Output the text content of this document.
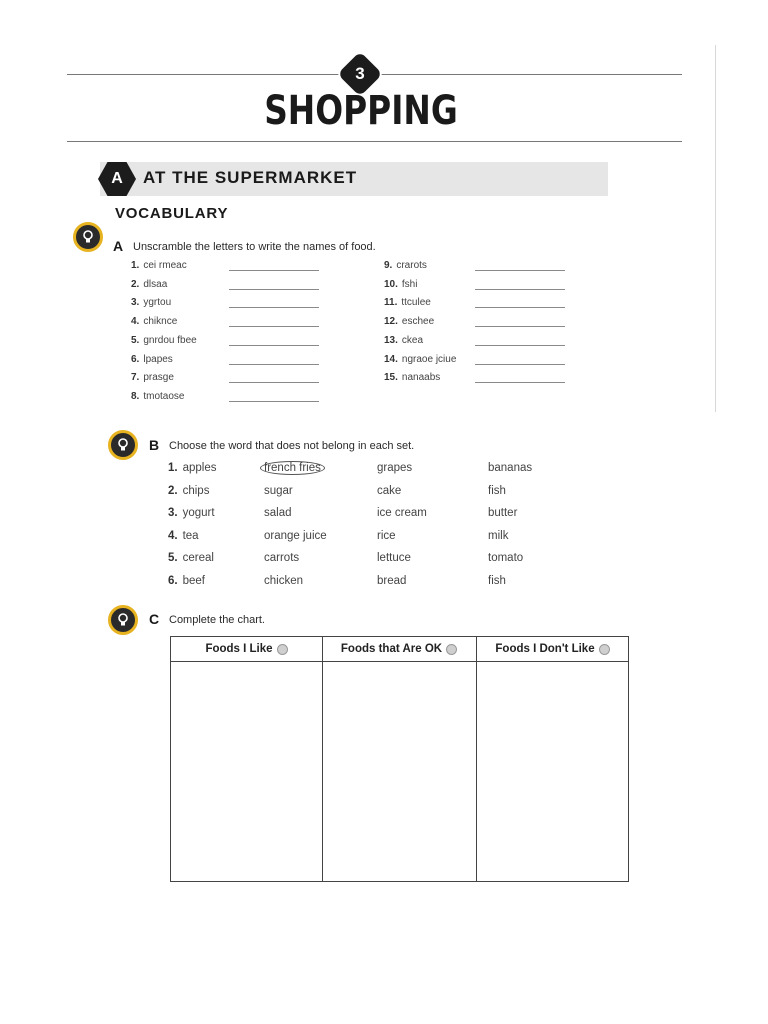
3
SHOPPING
A	AT THE SUPERMARKET
VOCABULARY
A Unscramble the letters to write the names of food.
1. cei rmeac
2. dlsaa
3. ygrtou
4. chiknce
5. gnrdou fbee
6. lpapes
7. prasge
8. tmotaose
9. crarots
10. fshi
11. ttculee
12. eschee
13. ckea
14. ngraoe jciue
15. nanaabs
B Choose the word that does not belong in each set.
1. apples	french fries	grapes	bananas
2. chips	sugar	cake	fish
3. yogurt	salad	ice cream	butter
4. tea	orange juice	rice	milk
5. cereal	carrots	lettuce	tomato
6. beef	chicken	bread	fish
C Complete the chart.
Foods I Like	Foods that Are OK	Foods I Don't Like
